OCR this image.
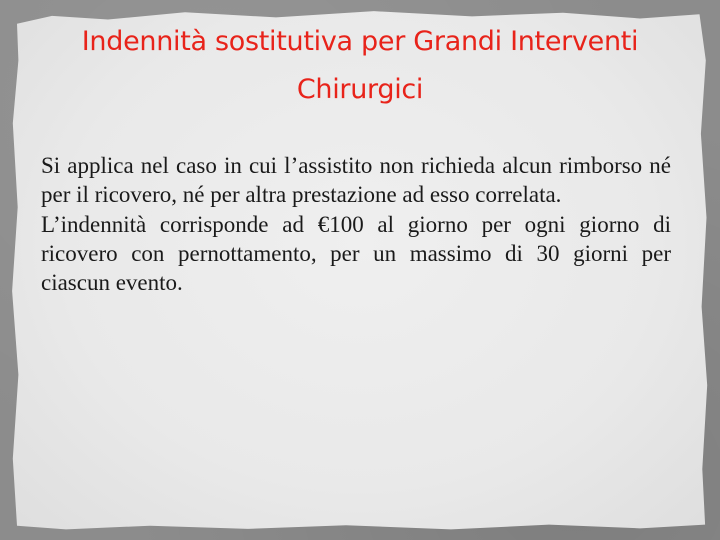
Indennità sostitutiva per Grandi Interventi Chirurgici

Si applica nel caso in cui l’assistito non richieda alcun rimborso né per il ricovero, né per altra prestazione ad esso correlata.

L’indennità corrisponde ad €100 al giorno per ogni giorno di ricovero con pernottamento, per un massimo di 30 giorni per ciascun evento.
